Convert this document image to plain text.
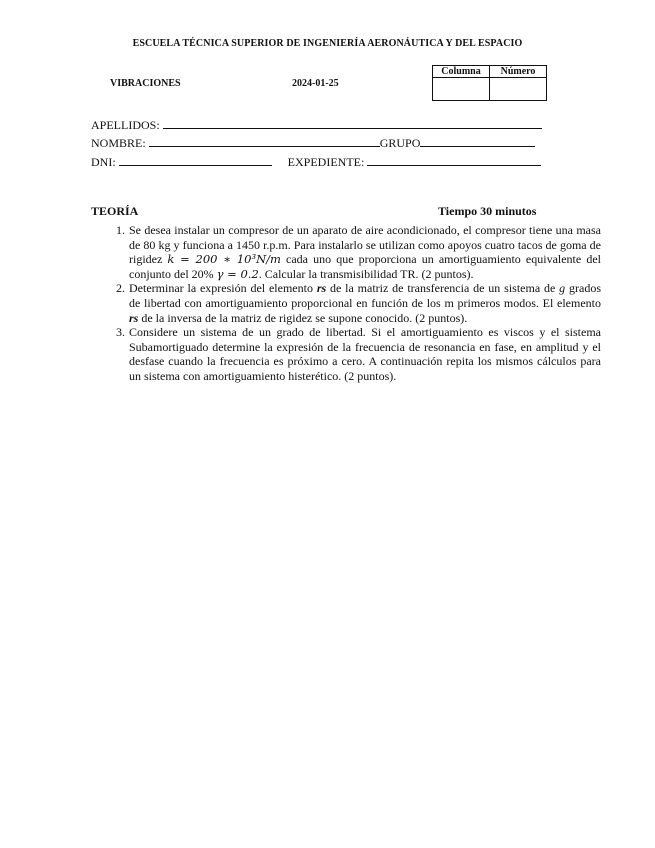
ESCUELA TÉCNICA SUPERIOR DE INGENIERÍA AERONÁUTICA Y DEL ESPACIO
VIBRACIONES	2024-01-25
Columna	Número

APELLIDOS:
NOMBRE:	GRUPO
DNI:	EXPEDIENTE:
TEORÍA	Tiempo 30 minutos
1. Se desea instalar un compresor de un aparato de aire acondicionado, el compresor tiene una masa de 80 kg y funciona a 1450 r.p.m. Para instalarlo se utilizan como apoyos cuatro tacos de goma de rigidez k = 200 ∗ 10³N/m cada uno que proporciona un amortiguamiento equivalente del conjunto del 20% γ = 0.2. Calcular la transmisibilidad TR. (2 puntos).
2. Determinar la expresión del elemento rs de la matriz de transferencia de un sistema de g grados de libertad con amortiguamiento proporcional en función de los m primeros modos. El elemento rs de la inversa de la matriz de rigidez se supone conocido. (2 puntos).
3. Considere un sistema de un grado de libertad. Si el amortiguamiento es viscos y el sistema Subamortiguado determine la expresión de la frecuencia de resonancia en fase, en amplitud y el desfase cuando la frecuencia es próximo a cero. A continuación repita los mismos cálculos para un sistema con amortiguamiento histerético. (2 puntos).
